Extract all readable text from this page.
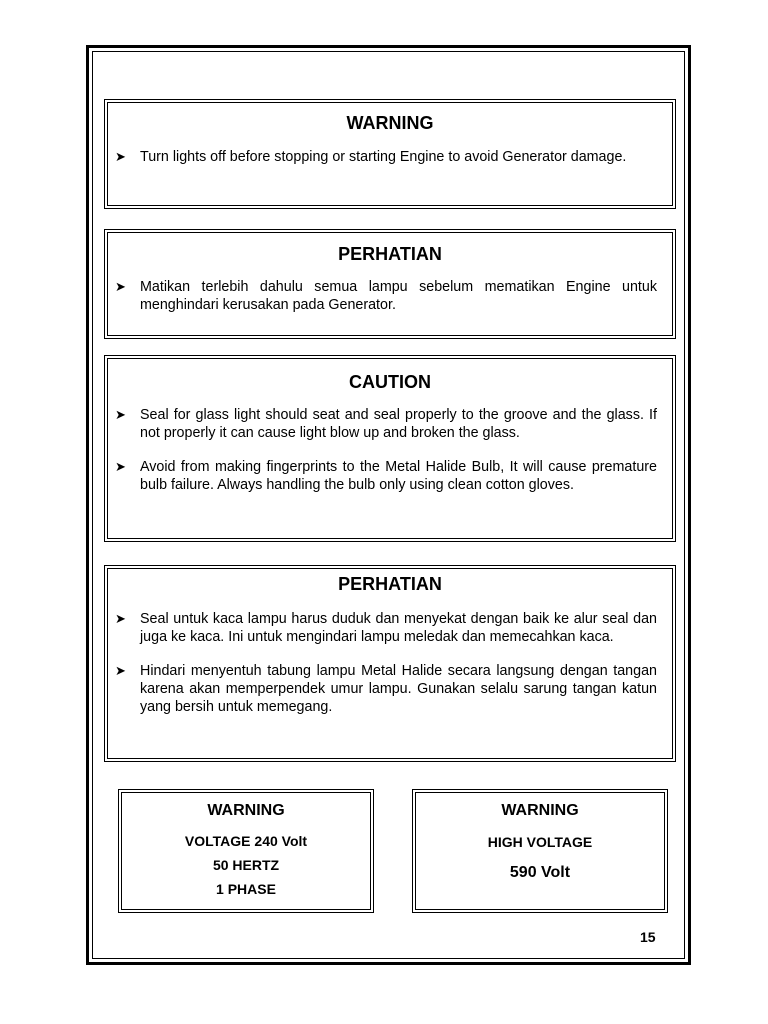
WARNING
➤ Turn lights off before stopping or starting Engine to avoid Generator damage.
PERHATIAN
➤ Matikan terlebih dahulu semua lampu sebelum mematikan Engine untuk menghindari kerusakan pada Generator.
CAUTION
➤ Seal for glass light should seat and seal properly to the groove and the glass. If not properly it can cause light blow up and broken the glass.
➤ Avoid from making fingerprints to the Metal Halide Bulb, It will cause premature bulb failure. Always handling the bulb only using clean cotton gloves.
PERHATIAN
➤ Seal untuk kaca lampu harus duduk dan menyekat dengan baik ke alur seal dan juga ke kaca. Ini untuk mengindari lampu meledak dan memecahkan kaca.
➤ Hindari menyentuh tabung lampu Metal Halide secara langsung dengan tangan karena akan memperpendek umur lampu. Gunakan selalu sarung tangan katun yang bersih untuk memegang.
WARNING
VOLTAGE 240 Volt
50 HERTZ
1 PHASE
WARNING
HIGH VOLTAGE
590 Volt
15
